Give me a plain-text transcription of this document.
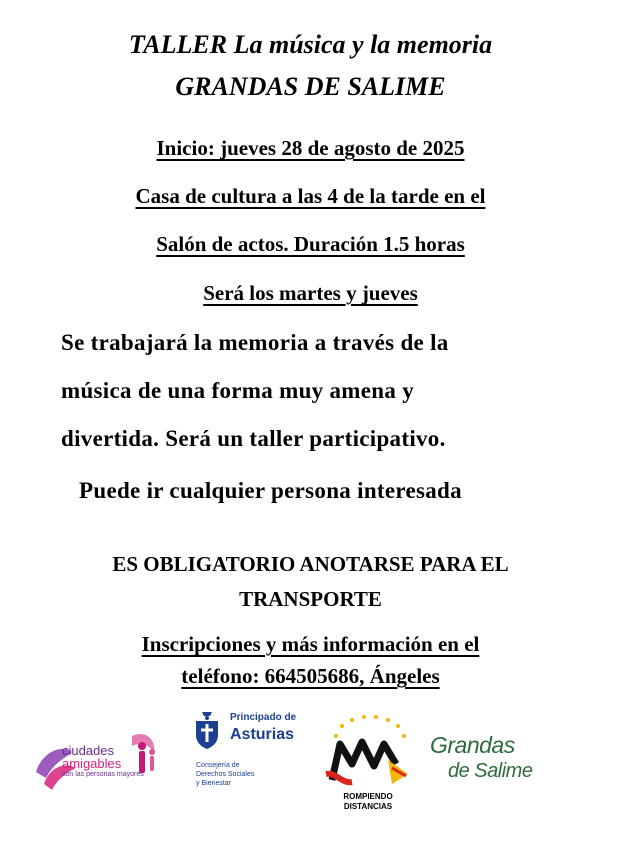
TALLER La música y la memoria
GRANDAS DE SALIME
Inicio: jueves 28 de agosto de 2025
Casa de cultura a las 4 de la tarde en el
Salón de actos. Duración 1.5 horas
Será los martes y jueves
Se trabajará la memoria a través de la
música de una forma muy amena y
divertida. Será un taller participativo.
Puede ir cualquier persona interesada
ES OBLIGATORIO ANOTARSE PARA EL
TRANSPORTE
Inscripciones y más información en el
teléfono: 664505686, Ángeles
ciudades
amigables
con las personas mayores
Principado de
Asturias
Consejería de
Derechos Sociales
y Bienestar
ROMPIENDO
DISTANCIAS
Grandas
de Salime
